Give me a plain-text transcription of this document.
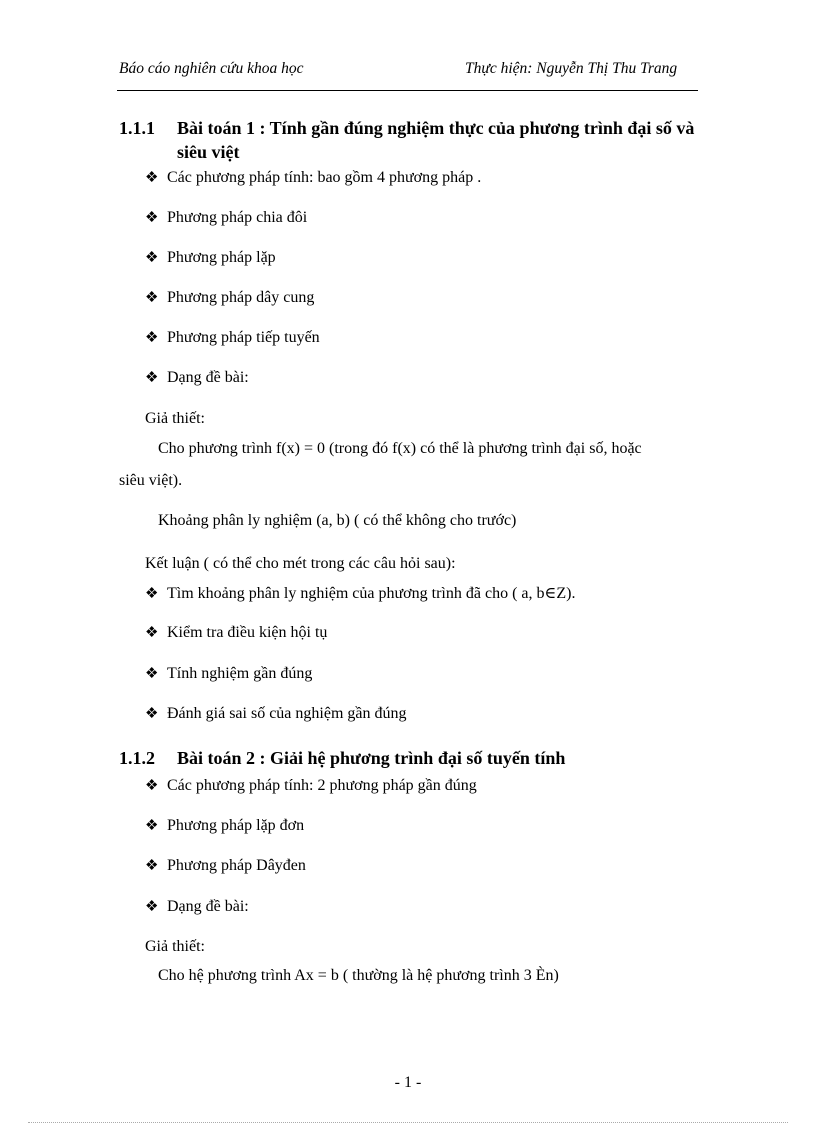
Báo cáo nghiên cứu khoa học	Thực hiện: Nguyễn Thị Thu Trang
1.1.1 Bài toán 1 : Tính gần đúng nghiệm thực của phương trình đại số và siêu việt
❖ Các phương pháp tính: bao gồm 4 phương pháp .
❖ Phương pháp chia đôi
❖ Phương pháp lặp
❖ Phương pháp dây cung
❖ Phương pháp tiếp tuyến
❖ Dạng đề bài:
Giả thiết:
Cho phương trình f(x) = 0 (trong đó f(x) có thể là phương trình đại số, hoặc
siêu việt).
Khoảng phân ly nghiệm (a, b) ( có thể không cho trước)
Kết luận ( có thể cho mét trong các câu hỏi sau):
❖ Tìm khoảng phân ly nghiệm của phương trình đã cho ( a, b∈Z).
❖ Kiểm tra điều kiện hội tụ
❖ Tính nghiệm gần đúng
❖ Đánh giá sai số của nghiệm gần đúng
1.1.2 Bài toán 2 : Giải hệ phương trình đại số tuyến tính
❖ Các phương pháp tính: 2 phương pháp gần đúng
❖ Phương pháp lặp đơn
❖ Phương pháp Dâyđen
❖ Dạng đề bài:
Giả thiết:
Cho hệ phương trình Ax = b ( thường là hệ phương trình 3 Èn)
- 1 -
